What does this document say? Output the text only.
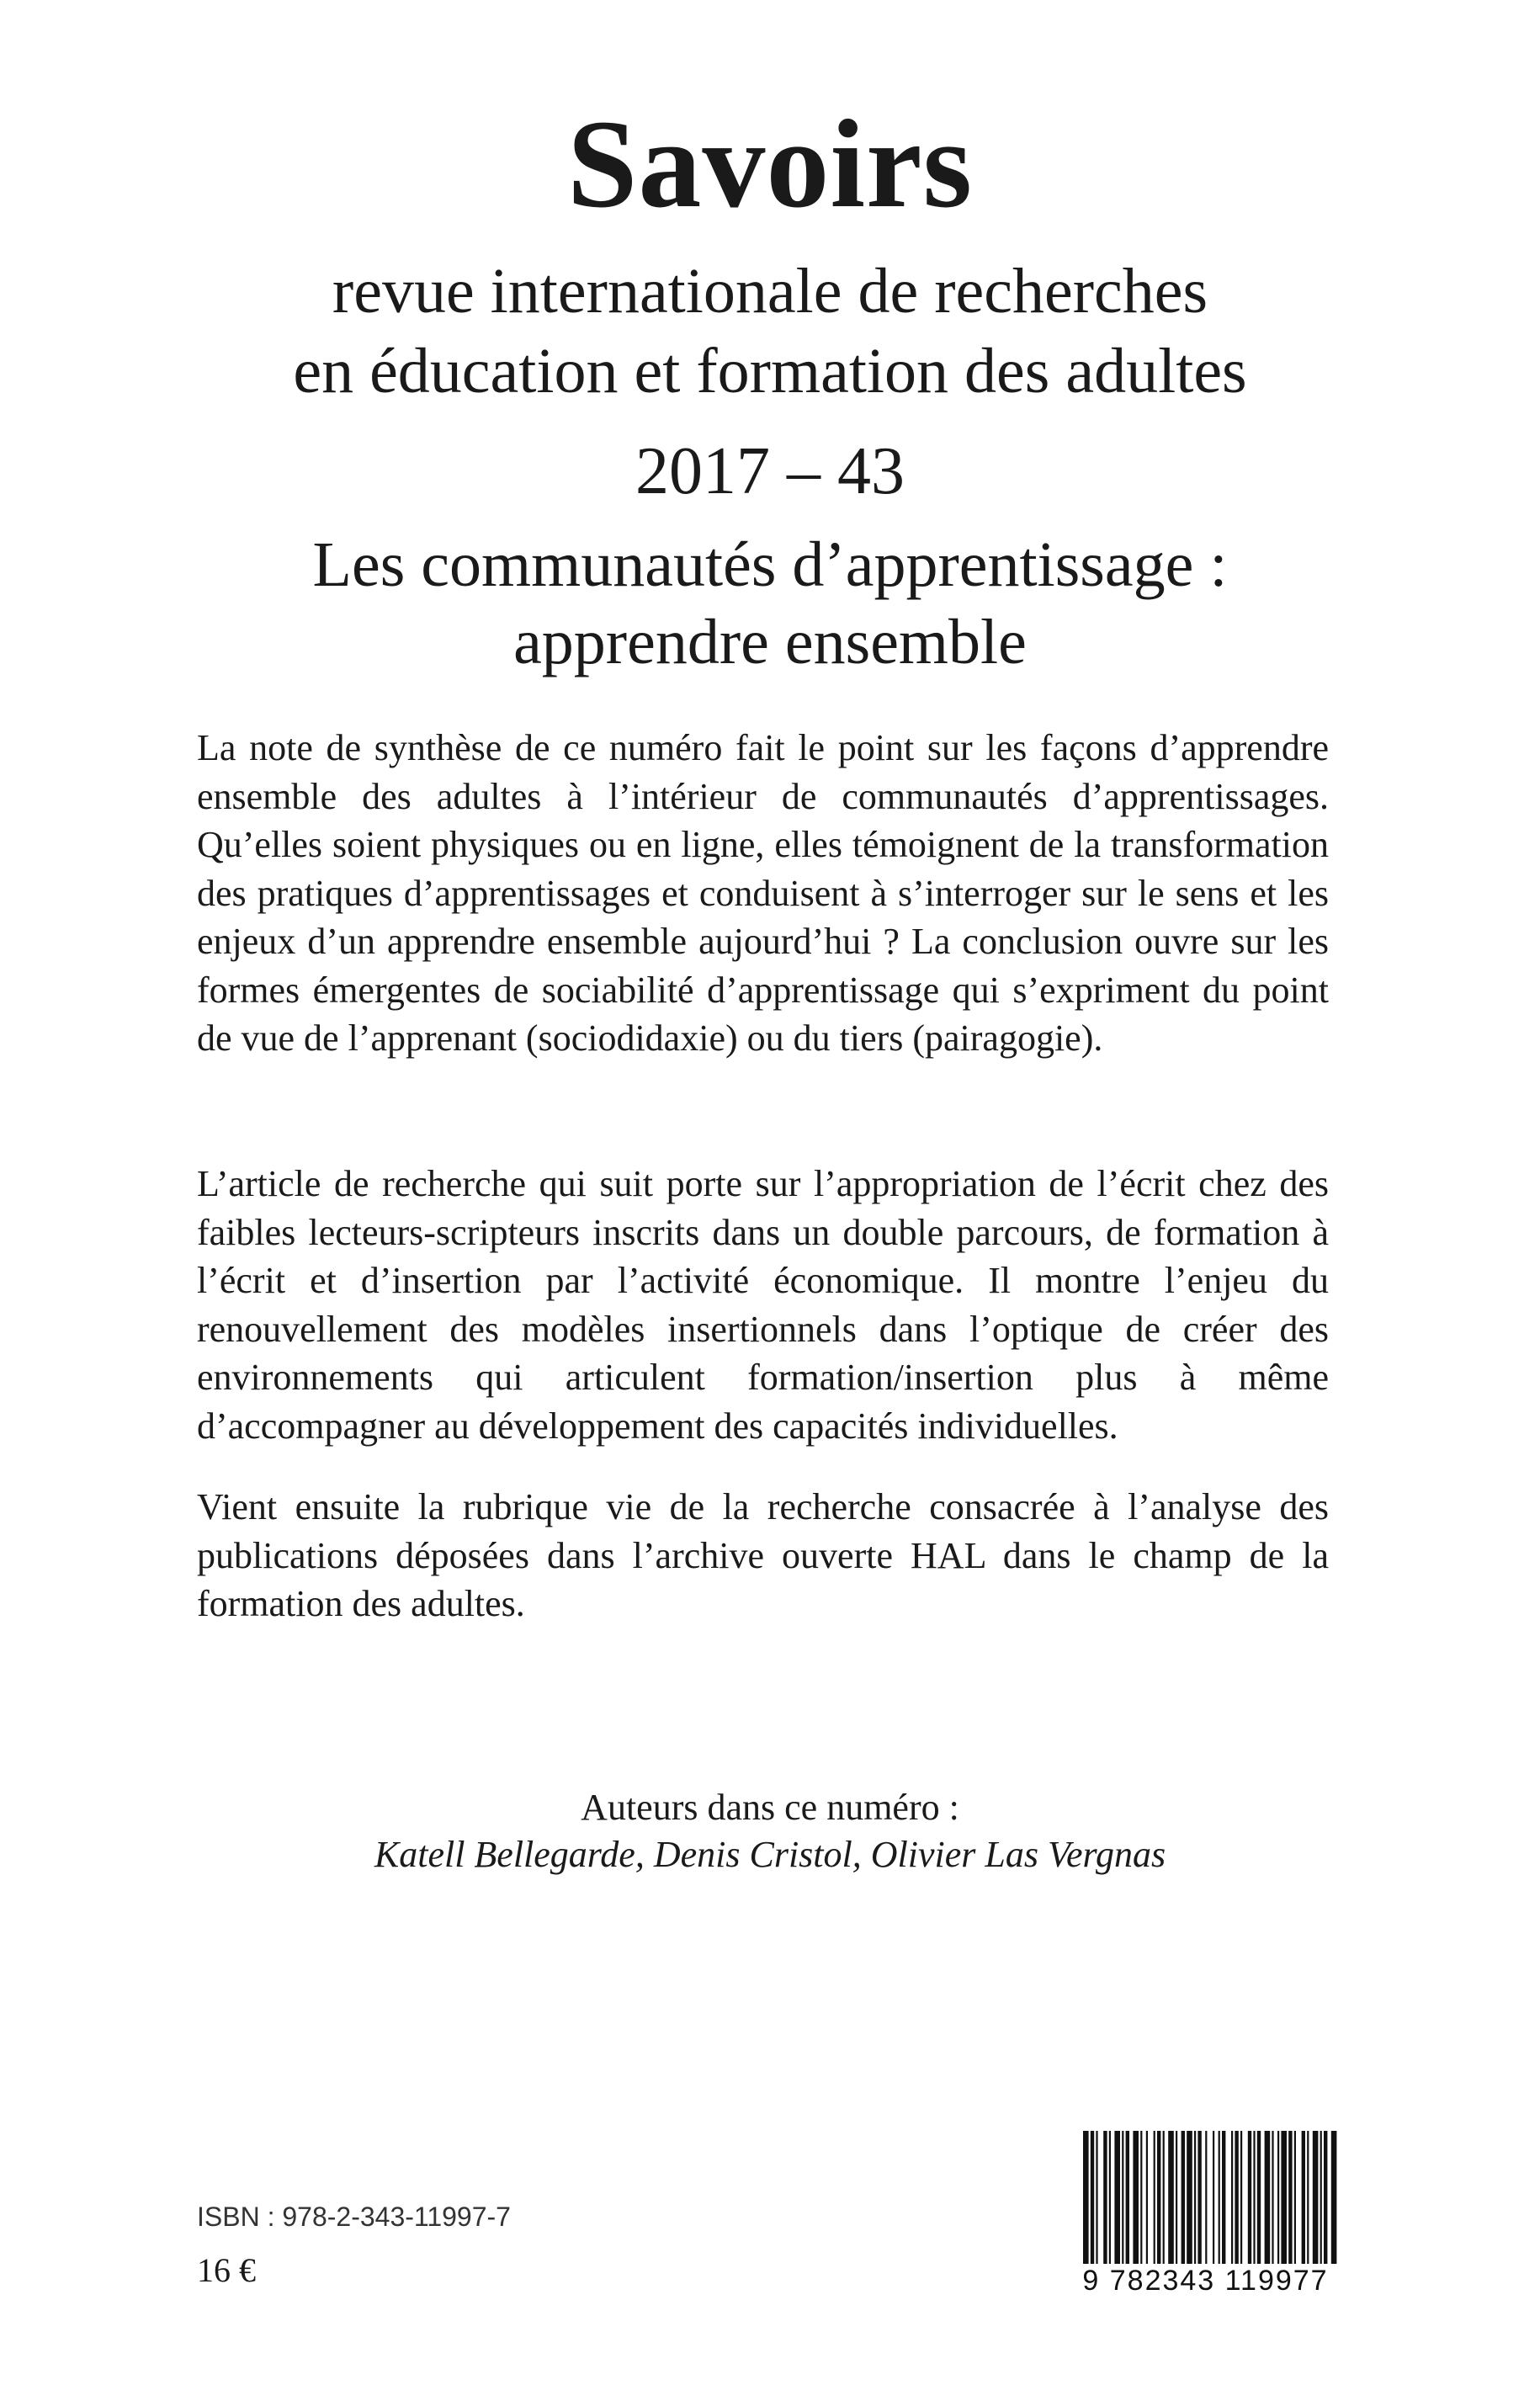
Savoirs
revue internationale de recherches
en éducation et formation des adultes
2017 – 43
Les communautés d’apprentissage :
apprendre ensemble
La note de synthèse de ce numéro fait le point sur les façons d’apprendre ensemble des adultes à l’intérieur de communautés d’apprentissages. Qu’elles soient physiques ou en ligne, elles témoignent de la transformation des pratiques d’apprentissages et conduisent à s’interroger sur le sens et les enjeux d’un apprendre ensemble aujourd’hui ? La conclusion ouvre sur les formes émergentes de sociabilité d’apprentissage qui s’expriment du point de vue de l’apprenant (sociodidaxie) ou du tiers (pairagogie).
L’article de recherche qui suit porte sur l’appropriation de l’écrit chez des faibles lecteurs-scripteurs inscrits dans un double parcours, de formation à l’écrit et d’insertion par l’activité économique. Il montre l’enjeu du renouvellement des modèles insertionnels dans l’optique de créer des environnements qui articulent formation/insertion plus à même d’accompagner au développement des capacités individuelles.
Vient ensuite la rubrique vie de la recherche consacrée à l’analyse des publications déposées dans l’archive ouverte HAL dans le champ de la formation des adultes.
Auteurs dans ce numéro :
Katell Bellegarde, Denis Cristol, Olivier Las Vergnas
ISBN : 978-2-343-11997-7
16 €	9 782343 119977
